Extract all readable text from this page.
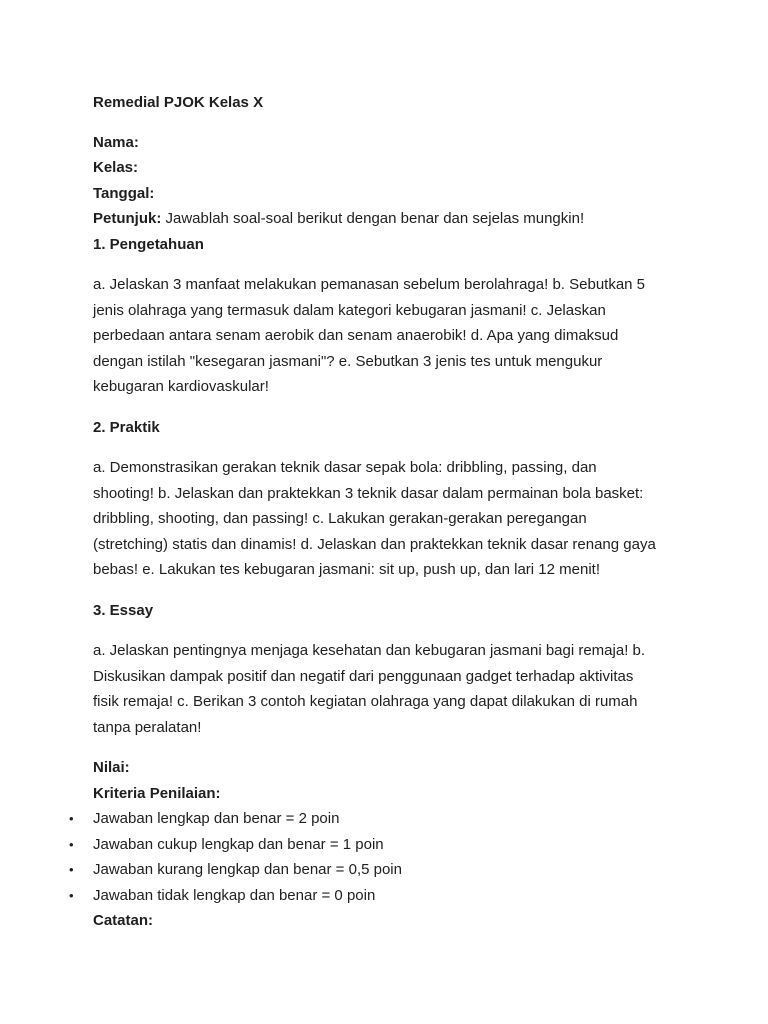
Remedial PJOK Kelas X

Nama:

Kelas:

Tanggal:

Petunjuk: Jawablah soal-soal berikut dengan benar dan sejelas mungkin!

1. Pengetahuan

a. Jelaskan 3 manfaat melakukan pemanasan sebelum berolahraga! b. Sebutkan 5

jenis olahraga yang termasuk dalam kategori kebugaran jasmani! c. Jelaskan

perbedaan antara senam aerobik dan senam anaerobik! d. Apa yang dimaksud

dengan istilah "kesegaran jasmani"? e. Sebutkan 3 jenis tes untuk mengukur

kebugaran kardiovaskular!

2. Praktik

a. Demonstrasikan gerakan teknik dasar sepak bola: dribbling, passing, dan

shooting! b. Jelaskan dan praktekkan 3 teknik dasar dalam permainan bola basket:

dribbling, shooting, dan passing! c. Lakukan gerakan-gerakan peregangan

(stretching) statis dan dinamis! d. Jelaskan dan praktekkan teknik dasar renang gaya

bebas! e. Lakukan tes kebugaran jasmani: sit up, push up, dan lari 12 menit!

3. Essay

a. Jelaskan pentingnya menjaga kesehatan dan kebugaran jasmani bagi remaja! b.

Diskusikan dampak positif dan negatif dari penggunaan gadget terhadap aktivitas

fisik remaja! c. Berikan 3 contoh kegiatan olahraga yang dapat dilakukan di rumah

tanpa peralatan!

Nilai:

Kriteria Penilaian:

• Jawaban lengkap dan benar = 2 poin
• Jawaban cukup lengkap dan benar = 1 poin
• Jawaban kurang lengkap dan benar = 0,5 poin
• Jawaban tidak lengkap dan benar = 0 poin

Catatan:
